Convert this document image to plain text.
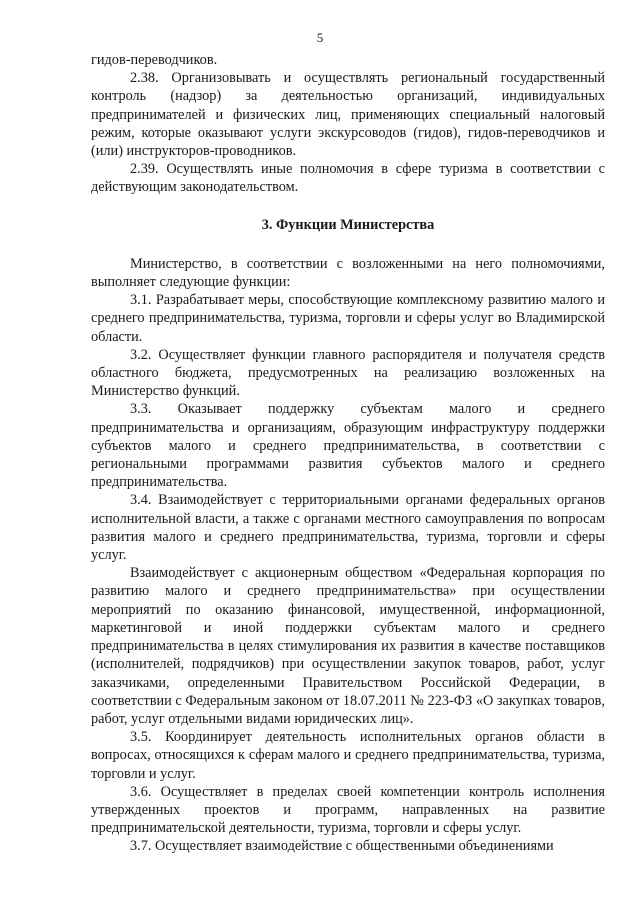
5

гидов-переводчиков.

2.38. Организовывать и осуществлять региональный государственный контроль (надзор) за деятельностью организаций, индивидуальных предпринимателей и физических лиц, применяющих специальный налоговый режим, которые оказывают услуги экскурсоводов (гидов), гидов-переводчиков и (или) инструкторов-проводников.

2.39. Осуществлять иные полномочия в сфере туризма в соответствии с действующим законодательством.

3. Функции Министерства

Министерство, в соответствии с возложенными на него полномочиями, выполняет следующие функции:

3.1. Разрабатывает меры, способствующие комплексному развитию малого и среднего предпринимательства, туризма, торговли и сферы услуг во Владимирской области.

3.2. Осуществляет функции главного распорядителя и получателя средств областного бюджета, предусмотренных на реализацию возложенных на Министерство функций.

3.3. Оказывает поддержку субъектам малого и среднего предпринимательства и организациям, образующим инфраструктуру поддержки субъектов малого и среднего предпринимательства, в соответствии с региональными программами развития субъектов малого и среднего предпринимательства.

3.4. Взаимодействует с территориальными органами федеральных органов исполнительной власти, а также с органами местного самоуправления по вопросам развития малого и среднего предпринимательства, туризма, торговли и сферы услуг.

Взаимодействует с акционерным обществом «Федеральная корпорация по развитию малого и среднего предпринимательства» при осуществлении мероприятий по оказанию финансовой, имущественной, информационной, маркетинговой и иной поддержки субъектам малого и среднего предпринимательства в целях стимулирования их развития в качестве поставщиков (исполнителей, подрядчиков) при осуществлении закупок товаров, работ, услуг заказчиками, определенными Правительством Российской Федерации, в соответствии с Федеральным законом от 18.07.2011 № 223-ФЗ «О закупках товаров, работ, услуг отдельными видами юридических лиц».

3.5. Координирует деятельность исполнительных органов области в вопросах, относящихся к сферам малого и среднего предпринимательства, туризма, торговли и услуг.

3.6. Осуществляет в пределах своей компетенции контроль исполнения утвержденных проектов и программ, направленных на развитие предпринимательской деятельности, туризма, торговли и сферы услуг.

3.7. Осуществляет взаимодействие с общественными объединениями
